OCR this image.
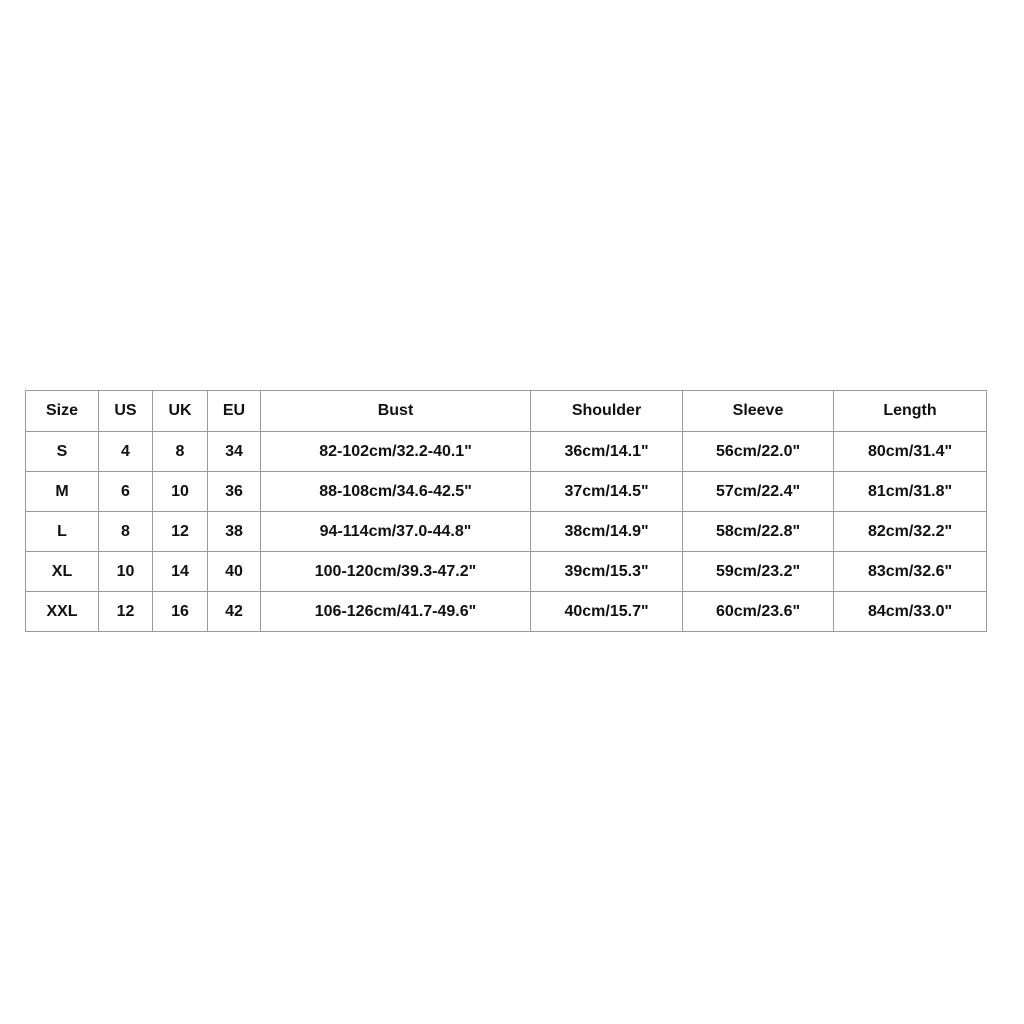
Size	US	UK	EU	Bust	Shoulder	Sleeve	Length
S	4	8	34	82-102cm/32.2-40.1"	36cm/14.1"	56cm/22.0"	80cm/31.4"
M	6	10	36	88-108cm/34.6-42.5"	37cm/14.5"	57cm/22.4"	81cm/31.8"
L	8	12	38	94-114cm/37.0-44.8"	38cm/14.9"	58cm/22.8"	82cm/32.2"
XL	10	14	40	100-120cm/39.3-47.2"	39cm/15.3"	59cm/23.2"	83cm/32.6"
XXL	12	16	42	106-126cm/41.7-49.6"	40cm/15.7"	60cm/23.6"	84cm/33.0"
